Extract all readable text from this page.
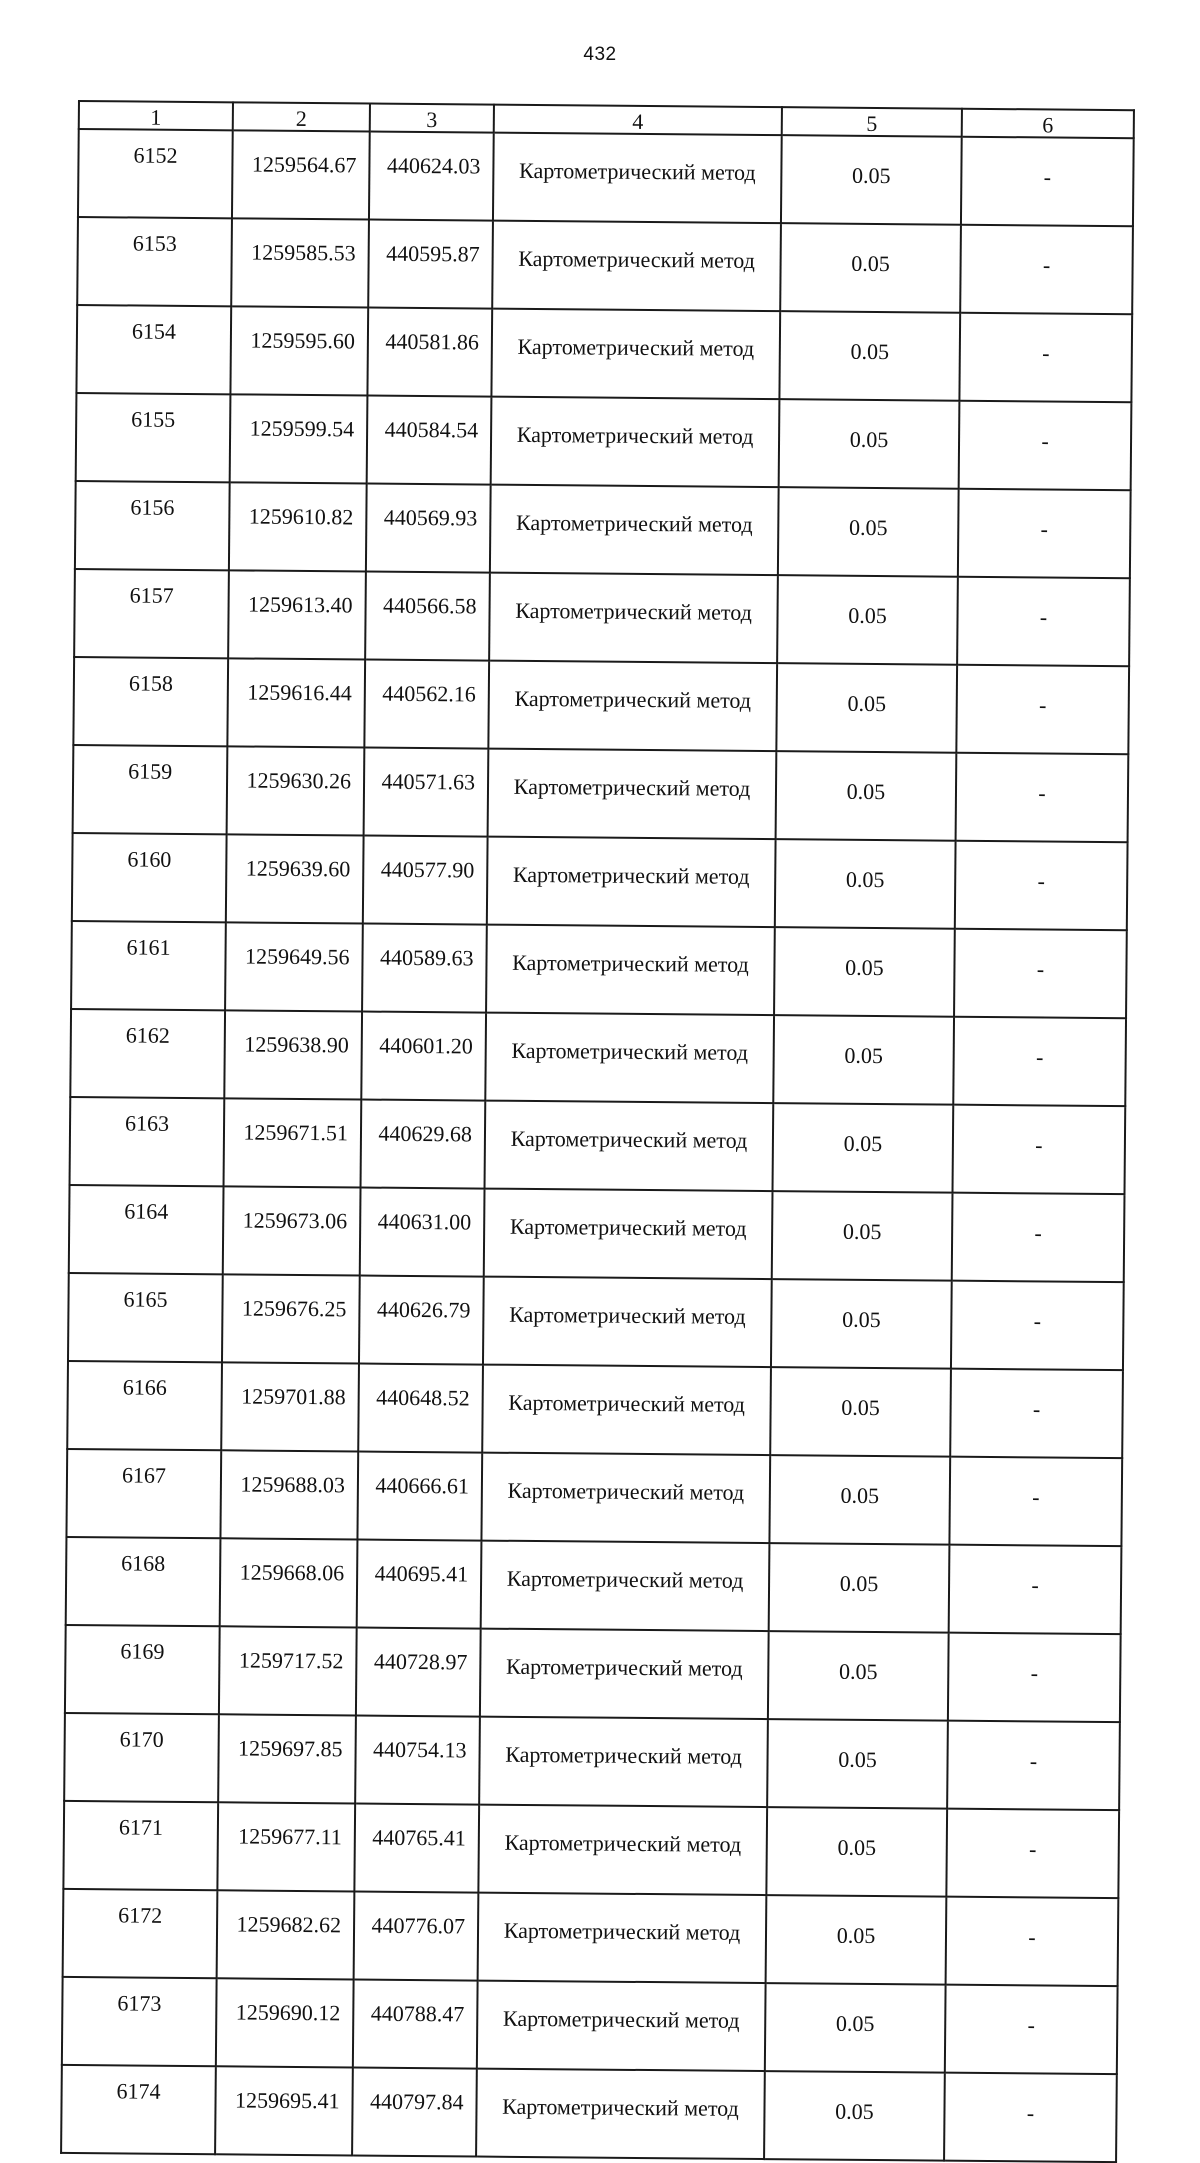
432
1	2	3	4	5	6
6152	1259564.67	440624.03	Картометрический метод	0.05	-
6153	1259585.53	440595.87	Картометрический метод	0.05	-
6154	1259595.60	440581.86	Картометрический метод	0.05	-
6155	1259599.54	440584.54	Картометрический метод	0.05	-
6156	1259610.82	440569.93	Картометрический метод	0.05	-
6157	1259613.40	440566.58	Картометрический метод	0.05	-
6158	1259616.44	440562.16	Картометрический метод	0.05	-
6159	1259630.26	440571.63	Картометрический метод	0.05	-
6160	1259639.60	440577.90	Картометрический метод	0.05	-
6161	1259649.56	440589.63	Картометрический метод	0.05	-
6162	1259638.90	440601.20	Картометрический метод	0.05	-
6163	1259671.51	440629.68	Картометрический метод	0.05	-
6164	1259673.06	440631.00	Картометрический метод	0.05	-
6165	1259676.25	440626.79	Картометрический метод	0.05	-
6166	1259701.88	440648.52	Картометрический метод	0.05	-
6167	1259688.03	440666.61	Картометрический метод	0.05	-
6168	1259668.06	440695.41	Картометрический метод	0.05	-
6169	1259717.52	440728.97	Картометрический метод	0.05	-
6170	1259697.85	440754.13	Картометрический метод	0.05	-
6171	1259677.11	440765.41	Картометрический метод	0.05	-
6172	1259682.62	440776.07	Картометрический метод	0.05	-
6173	1259690.12	440788.47	Картометрический метод	0.05	-
6174	1259695.41	440797.84	Картометрический метод	0.05	-
